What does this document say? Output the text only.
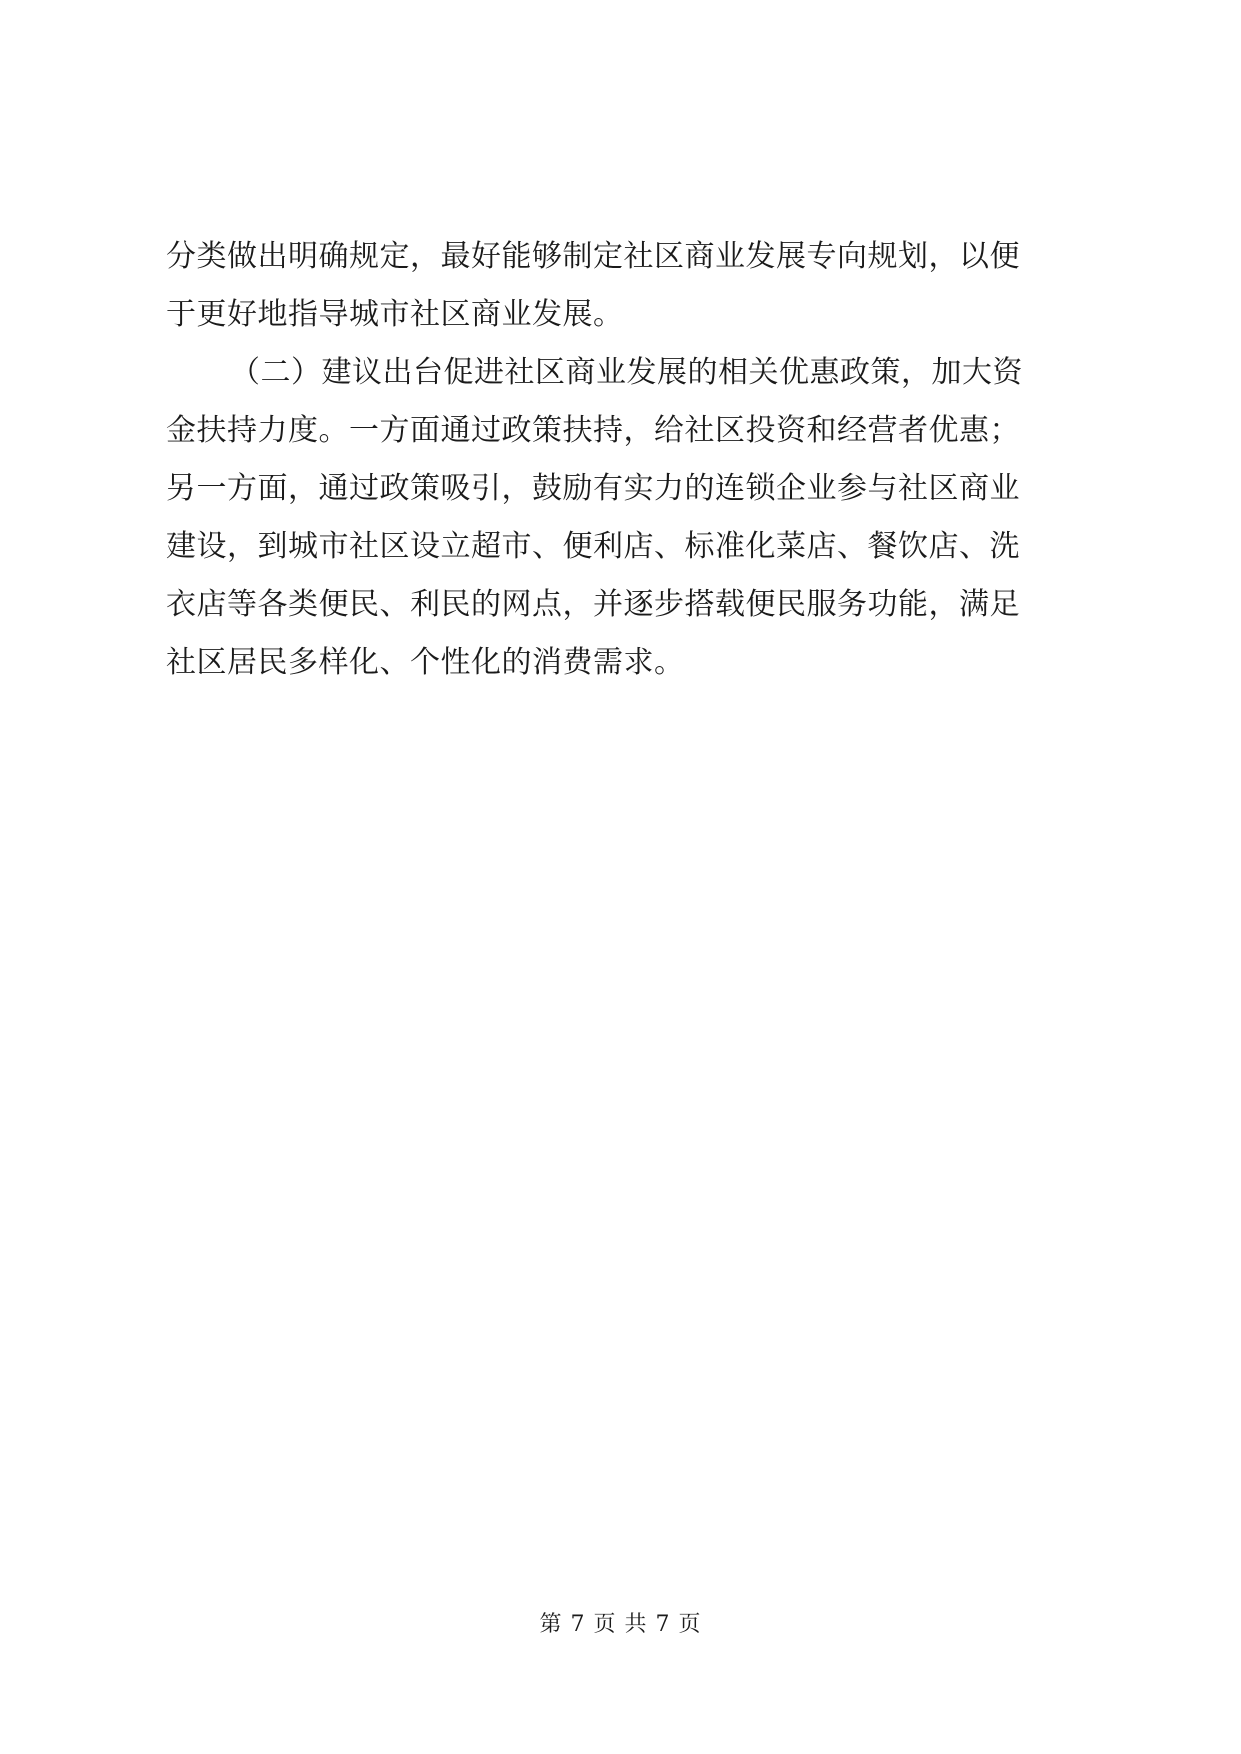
分类做出明确规定，最好能够制定社区商业发展专向规划，以便
于更好地指导城市社区商业发展。
（二）建议出台促进社区商业发展的相关优惠政策，加大资
金扶持力度。一方面通过政策扶持，给社区投资和经营者优惠；
另一方面，通过政策吸引，鼓励有实力的连锁企业参与社区商业
建设，到城市社区设立超市、便利店、标准化菜店、餐饮店、洗
衣店等各类便民、利民的网点，并逐步搭载便民服务功能，满足
社区居民多样化、个性化的消费需求。
第 7 页 共 7 页
